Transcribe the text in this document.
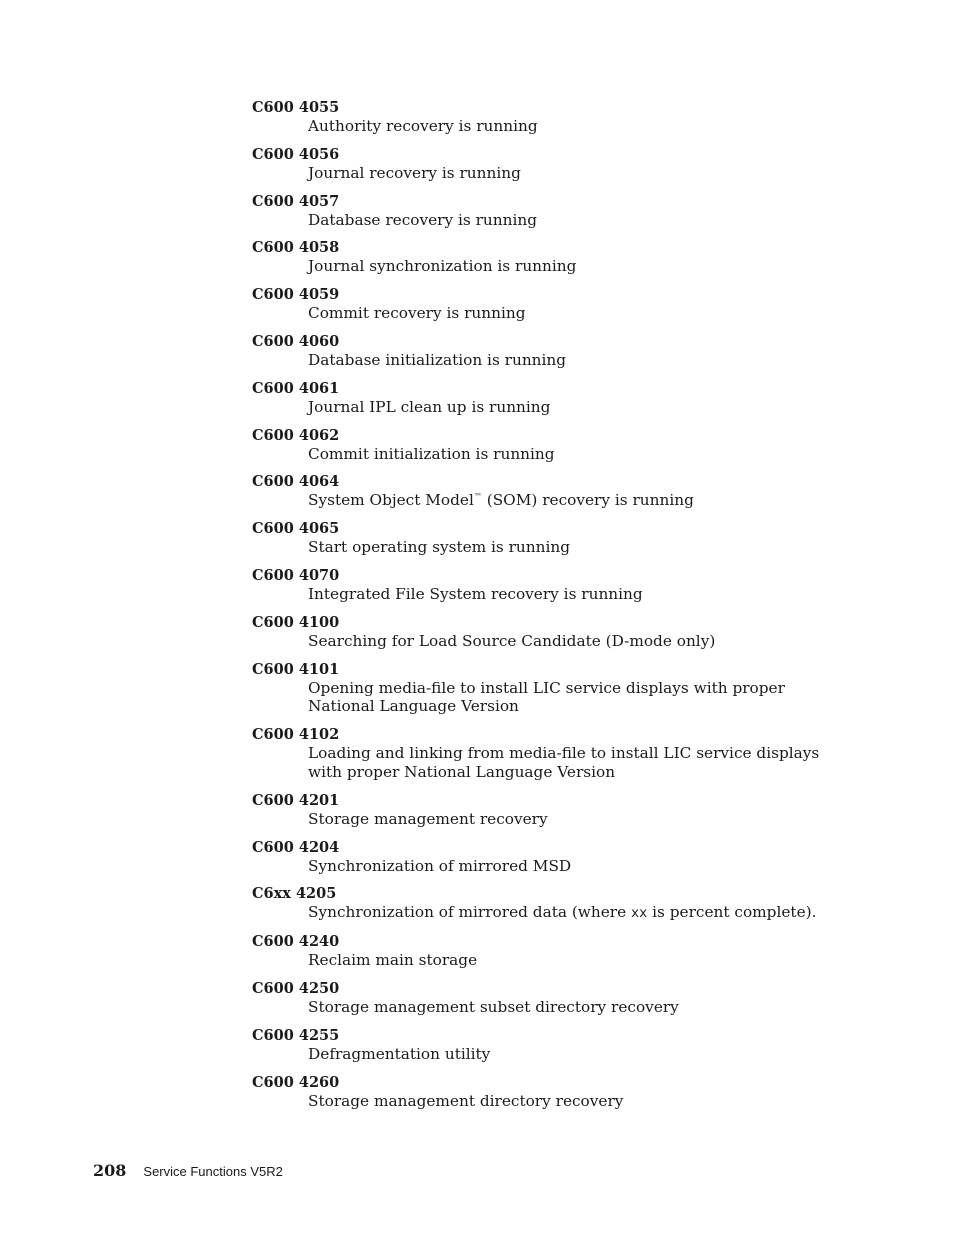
C600 4055
Authority recovery is running
C600 4056
Journal recovery is running
C600 4057
Database recovery is running
C600 4058
Journal synchronization is running
C600 4059
Commit recovery is running
C600 4060
Database initialization is running
C600 4061
Journal IPL clean up is running
C600 4062
Commit initialization is running
C600 4064
System Object Model™ (SOM) recovery is running
C600 4065
Start operating system is running
C600 4070
Integrated File System recovery is running
C600 4100
Searching for Load Source Candidate (D-mode only)
C600 4101
Opening media-file to install LIC service displays with proper National Language Version
C600 4102
Loading and linking from media-file to install LIC service displays with proper National Language Version
C600 4201
Storage management recovery
C600 4204
Synchronization of mirrored MSD
C6xx 4205
Synchronization of mirrored data (where xx is percent complete).
C600 4240
Reclaim main storage
C600 4250
Storage management subset directory recovery
C600 4255
Defragmentation utility
C600 4260
Storage management directory recovery
208 Service Functions V5R2
